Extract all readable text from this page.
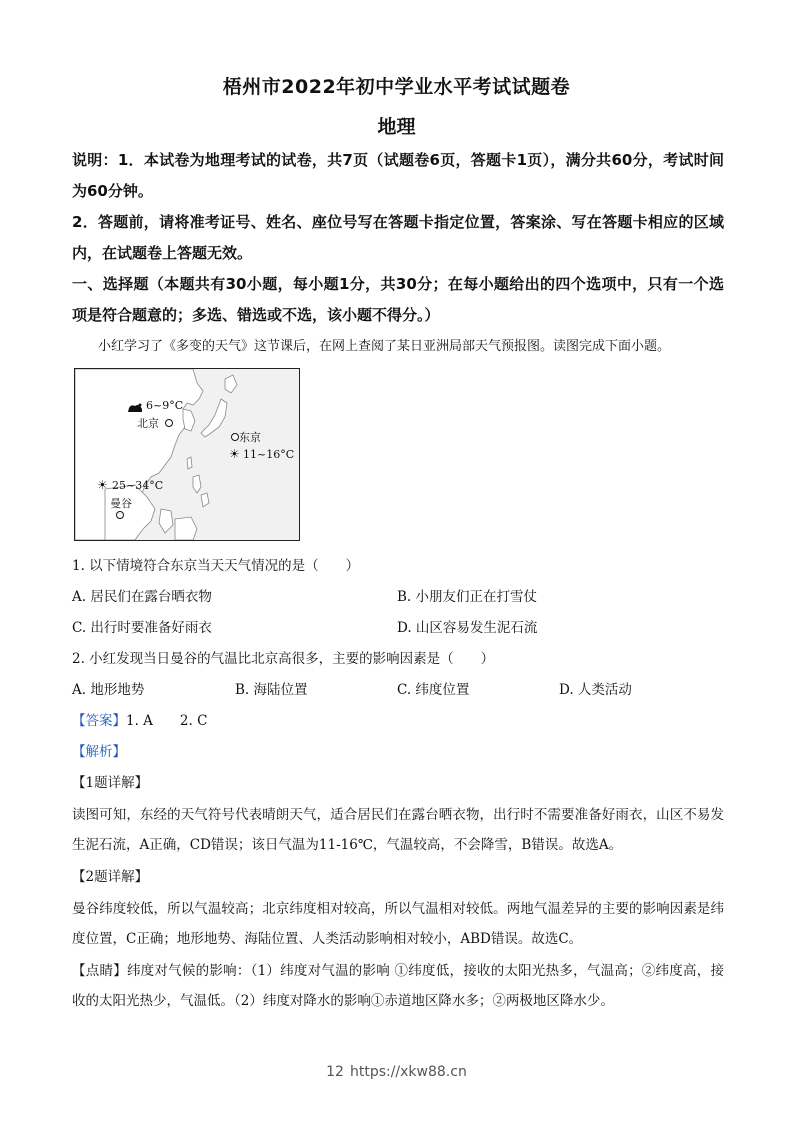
梧州市2022年初中学业水平考试试题卷
地理
说明：1．本试卷为地理考试的试卷，共7页（试题卷6页，答题卡1页），满分共60分，考试时间为60分钟。
2．答题前，请将准考证号、姓名、座位号写在答题卡指定位置，答案涂、写在答题卡相应的区域内，在试题卷上答题无效。
一、选择题（本题共有30小题，每小题1分，共30分；在每小题给出的四个选项中，只有一个选项是符合题意的；多选、错选或不选，该小题不得分。）
小红学习了《多变的天气》这节课后，在网上查阅了某日亚洲局部天气预报图。读图完成下面小题。
6~9°C
北京
东京
☀ 11~16°C
☀ 25~34°C
曼谷
1. 以下情境符合东京当天天气情况的是（　　）
A. 居民们在露台晒衣物	B. 小朋友们正在打雪仗
C. 出行时要准备好雨衣	D. 山区容易发生泥石流
2. 小红发现当日曼谷的气温比北京高很多，主要的影响因素是（　　）
A. 地形地势	B. 海陆位置	C. 纬度位置	D. 人类活动
【答案】1. A　　2. C
【解析】
【1题详解】
读图可知，东经的天气符号代表晴朗天气，适合居民们在露台晒衣物，出行时不需要准备好雨衣，山区不易发生泥石流，A正确，CD错误；该日气温为11-16℃，气温较高，不会降雪，B错误。故选A。
【2题详解】
曼谷纬度较低，所以气温较高；北京纬度相对较高，所以气温相对较低。两地气温差异的主要的影响因素是纬度位置，C正确；地形地势、海陆位置、人类活动影响相对较小，ABD错误。故选C。
【点睛】纬度对气候的影响：（1）纬度对气温的影响 ①纬度低，接收的太阳光热多，气温高；②纬度高，接收的太阳光热少，气温低。（2）纬度对降水的影响①赤道地区降水多；②两极地区降水少。
12 https://xkw88.cn
